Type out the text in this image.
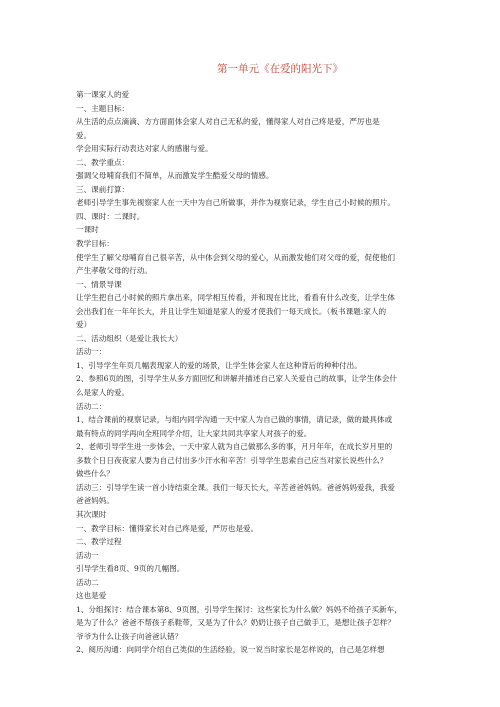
第一单元《在爱的阳光下》
第一课家人的爱
一、主题目标：
从生活的点点滴滴、方方面面体会家人对自己无私的爱，懂得家人对自己疼是爱，严厉也是
爱。
学会用实际行动表达对家人的感谢与爱。
二、教学重点：
强调父母哺育我们不简单，从而激发学生酷爱父母的情感。
三、课前打算：
老师引导学生事先视察家人在一天中为自己所做事，并作为视察记录，学生自己小时候的照片。
四、课时：二课时。
一课时
教学目标：
使学生了解父母哺育自己很辛苦，从中体会到父母的爱心，从而激发他们对父母的爱，促使他们
产生孝敬父母的行动。
一、情景导课
让学生把自己小时候的照片拿出来，同学相互传看，并和现在比比，看看有什么改变，让学生体
会出我们在一年年长大，并且让学生知道是家人的爱才使我们一每天成长。（板书课题:家人的
爱）
二、活动组织（是爱让我长大）
活动一：
1、引导学生年页几幅表现家人的爱的场景，让学生体会家人在这种背后的种种付出。
2、参照6页的图，引导学生从多方面回忆和讲解并描述自己家人关爱自己的故事，让学生体会什
么是家人的爱。
活动二：
1、结合课前的视察记录，与组内同学沟通一天中家人为自己做的事情，请记录，做的最具体或
最有特点的同学再向全班同学介绍，让大家共同共享家人对孩子的爱。
2、老师引导学生进一步体会，一天中家人就为自己做那么多的事，月月年年，在成长岁月里的
多数个日日夜夜家人要为自己付出多少汗水和辛苦！引导学生思索自己应当对家长说些什么？
做些什么？
活动三：引导学生读一首小诗结束全课。我们一每天长大，辛苦爸爸妈妈。爸爸妈妈爱我，我爱
爸爸妈妈。
其次课时
一、教学目标：懂得家长对自己疼是爱，严厉也是爱。
二、教学过程
活动一
引导学生看8页、9页的几幅图。
活动二
这也是爱
1、分组探讨：结合课本第8、9页图，引导学生探讨：这些家长为什么做？妈妈不给孩子买新车，
是为了什么？爸爸不帮孩子系鞋带，又是为了什么？奶奶让孩子自己做手工，是想让孩子怎样？
爷爷为什么让孩子向爸爸认错？
2、阅历沟通：向同学介绍自己类似的生活经验，说一说当时家长是怎样说的，自己是怎样想
